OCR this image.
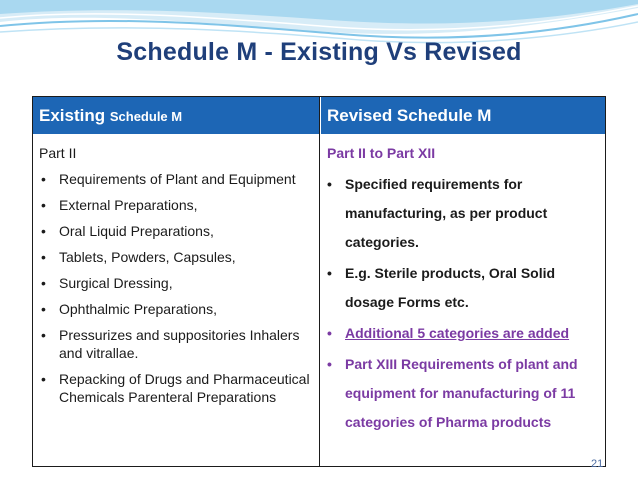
Schedule M - Existing Vs Revised
Existing Schedule M	Revised Schedule M
Part II
• Requirements of Plant and Equipment
• External Preparations,
• Oral Liquid Preparations,
• Tablets, Powders, Capsules,
• Surgical Dressing,
• Ophthalmic Preparations,
• Pressurizes and suppositories Inhalers and vitrallae.
• Repacking of Drugs and Pharmaceutical Chemicals Parenteral Preparations
Part II to Part XII
• Specified requirements for manufacturing, as per product categories.
• E.g. Sterile products, Oral Solid dosage Forms etc.
• Additional 5 categories are added
• Part XIII Requirements of plant and equipment for manufacturing of 11 categories of Pharma products
21
